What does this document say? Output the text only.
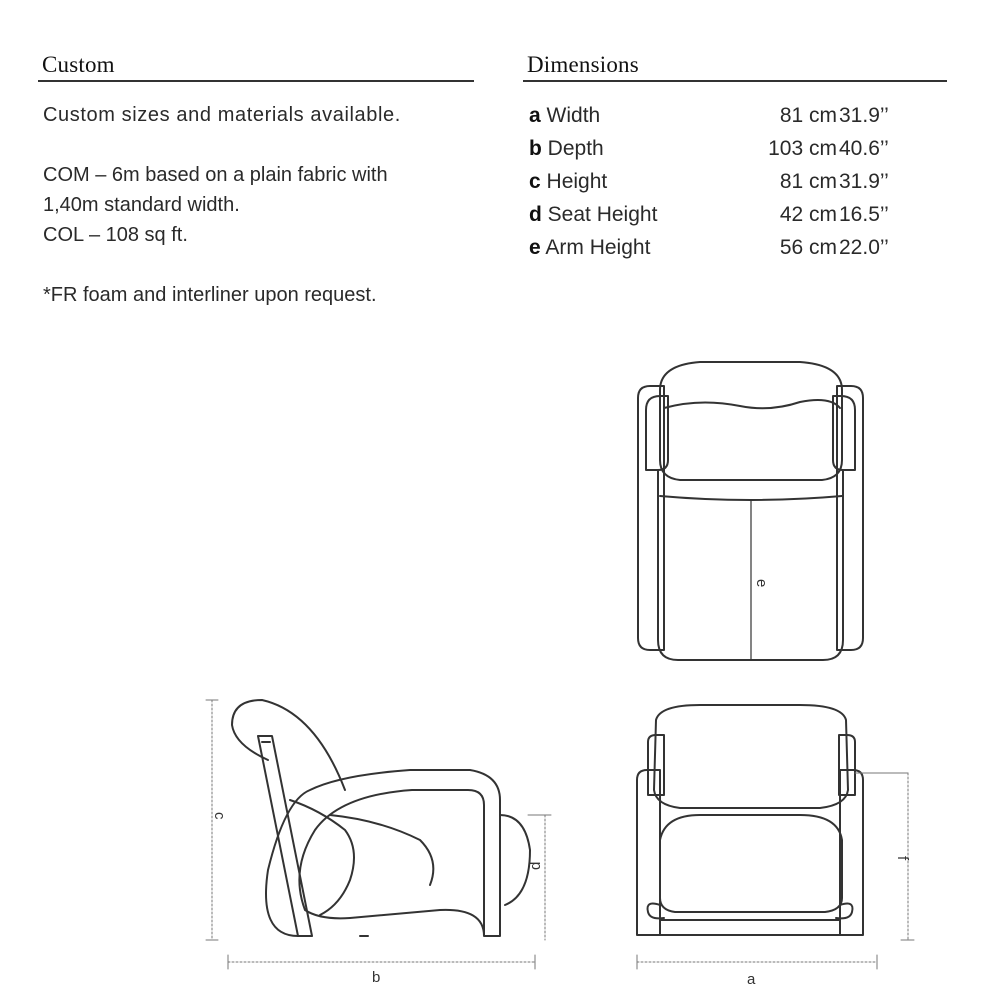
Custom	Dimensions

Custom sizes and materials available.

COM – 6m based on a plain fabric with
1,40m standard width.
COL – 108 sq ft.

*FR foam and interliner upon request.

a Width	81 cm 31.9’’
b Depth	103 cm 40.6’’
c Height	81 cm 31.9’’
d Seat Height	42 cm 16.5’’
e Arm Height	56 cm 22.0’’
e
c
d
b
f
a
